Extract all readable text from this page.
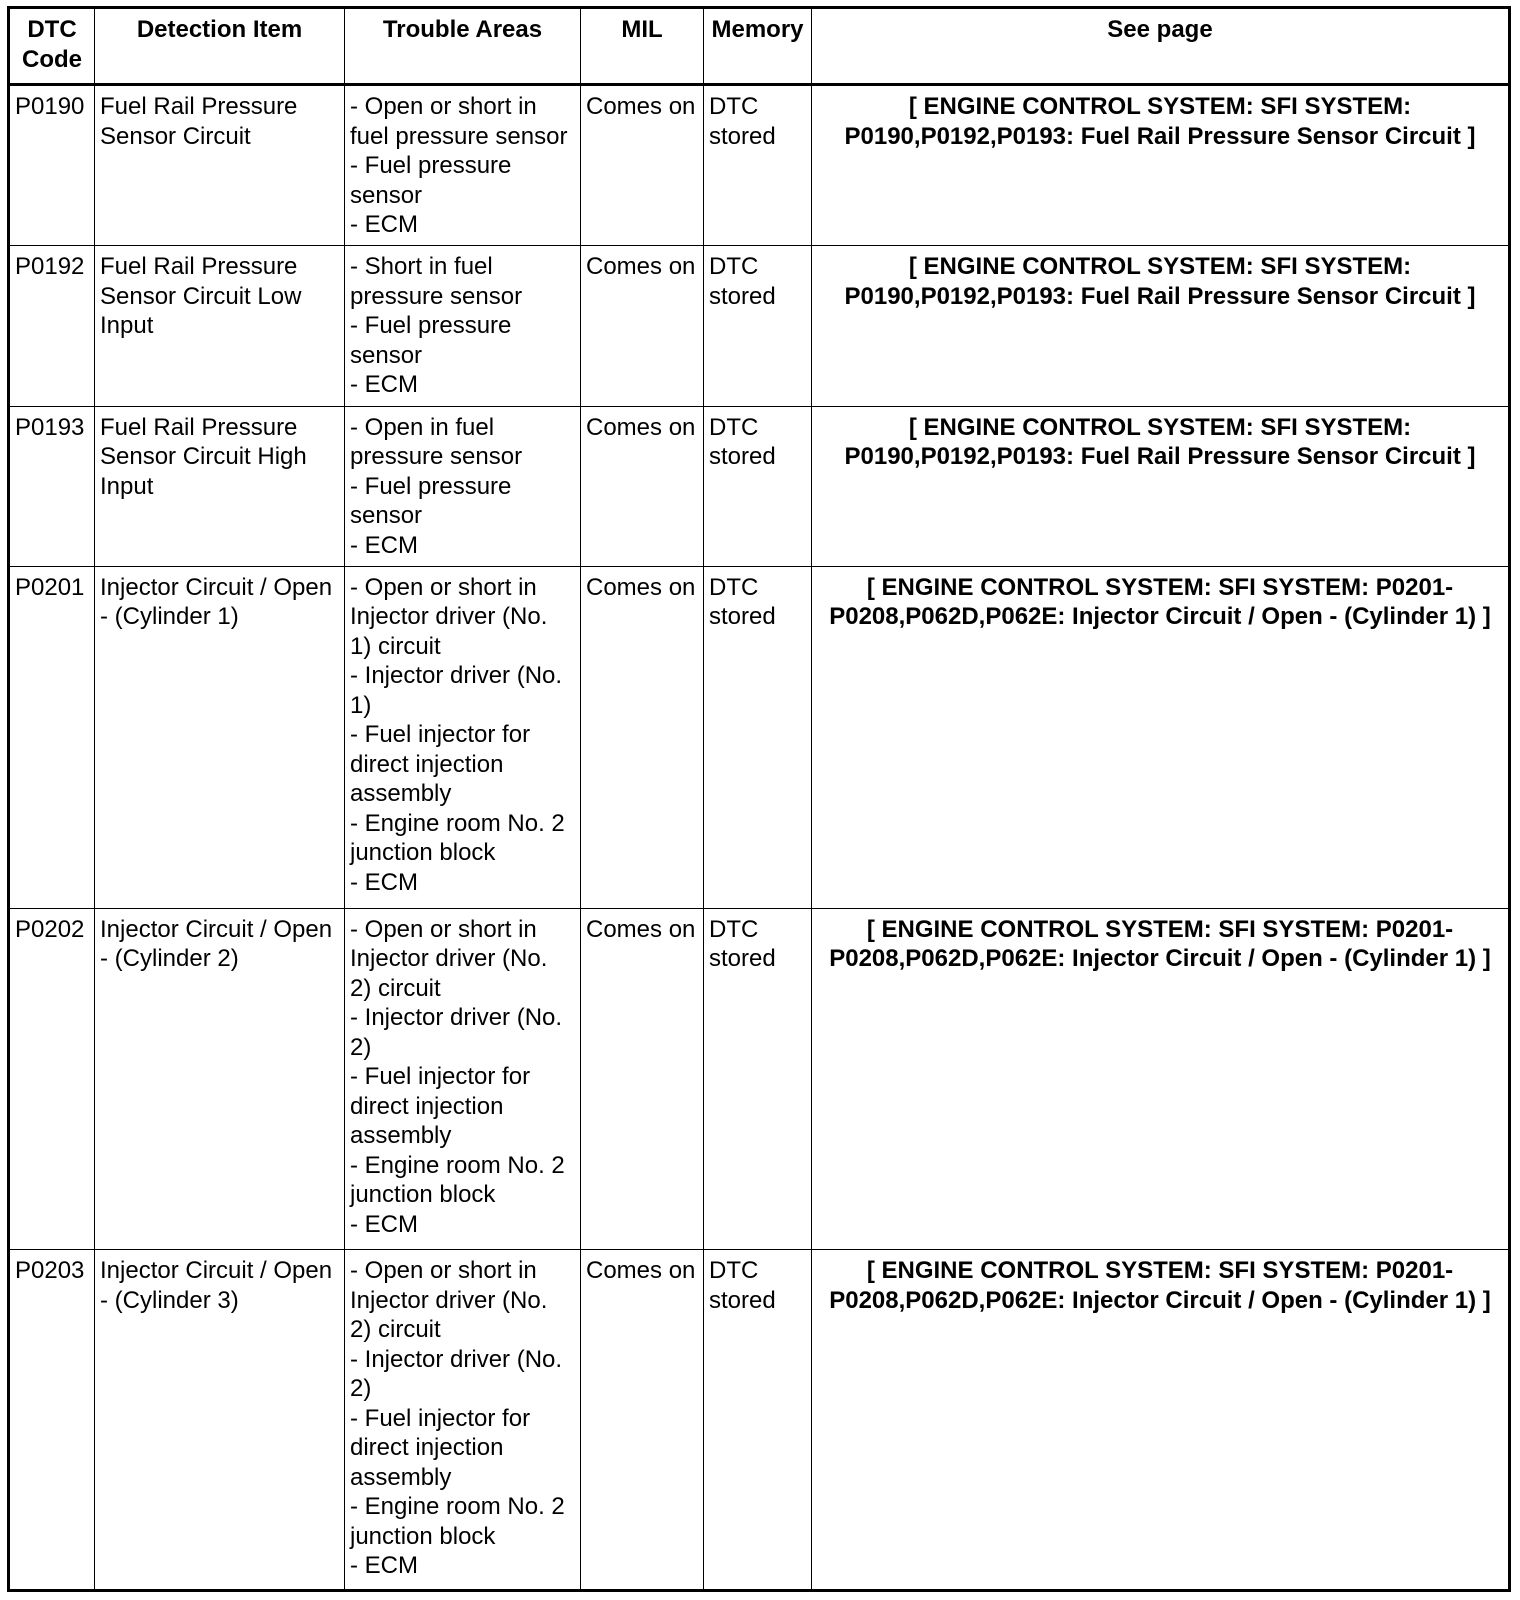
DTC
Code	Detection Item	Trouble Areas	MIL	Memory	See page
P0190	Fuel Rail Pressure Sensor Circuit	- Open or short in fuel pressure sensor
- Fuel pressure sensor
- ECM	Comes on	DTC stored	[ ENGINE CONTROL SYSTEM: SFI SYSTEM: P0190,P0192,P0193: Fuel Rail Pressure Sensor Circuit ]
P0192	Fuel Rail Pressure Sensor Circuit Low Input	- Short in fuel pressure sensor
- Fuel pressure sensor
- ECM	Comes on	DTC stored	[ ENGINE CONTROL SYSTEM: SFI SYSTEM: P0190,P0192,P0193: Fuel Rail Pressure Sensor Circuit ]
P0193	Fuel Rail Pressure Sensor Circuit High Input	- Open in fuel pressure sensor
- Fuel pressure sensor
- ECM	Comes on	DTC stored	[ ENGINE CONTROL SYSTEM: SFI SYSTEM: P0190,P0192,P0193: Fuel Rail Pressure Sensor Circuit ]
P0201	Injector Circuit / Open - (Cylinder 1)	- Open or short in Injector driver (No. 1) circuit
- Injector driver (No. 1)
- Fuel injector for direct injection assembly
- Engine room No. 2 junction block
- ECM	Comes on	DTC stored	[ ENGINE CONTROL SYSTEM: SFI SYSTEM: P0201-P0208,P062D,P062E: Injector Circuit / Open - (Cylinder 1) ]
P0202	Injector Circuit / Open - (Cylinder 2)	- Open or short in Injector driver (No. 2) circuit
- Injector driver (No. 2)
- Fuel injector for direct injection assembly
- Engine room No. 2 junction block
- ECM	Comes on	DTC stored	[ ENGINE CONTROL SYSTEM: SFI SYSTEM: P0201-P0208,P062D,P062E: Injector Circuit / Open - (Cylinder 1) ]
P0203	Injector Circuit / Open - (Cylinder 3)	- Open or short in Injector driver (No. 2) circuit
- Injector driver (No. 2)
- Fuel injector for direct injection assembly
- Engine room No. 2 junction block
- ECM	Comes on	DTC stored	[ ENGINE CONTROL SYSTEM: SFI SYSTEM: P0201-P0208,P062D,P062E: Injector Circuit / Open - (Cylinder 1) ]
